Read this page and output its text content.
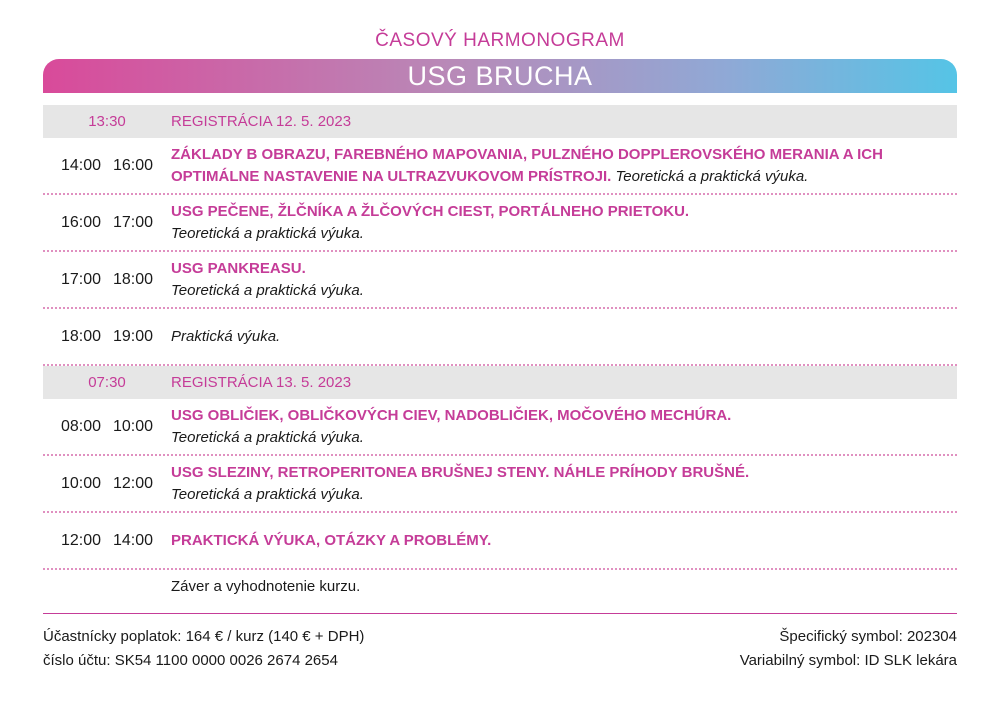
ČASOVÝ HARMONOGRAM
USG BRUCHA
13:30	REGISTRÁCIA 12. 5. 2023
14:00 16:00
ZÁKLADY B OBRAZU, FAREBNÉHO MAPOVANIA, PULZNÉHO DOPPLEROVSKÉHO MERANIA A ICH OPTIMÁLNE NASTAVENIE NA ULTRAZVUKOVOM PRÍSTROJI. Teoretická a praktická výuka.
16:00 17:00
USG PEČENE, ŽLČNÍKA A ŽLČOVÝCH CIEST, PORTÁLNEHO PRIETOKU.
Teoretická a praktická výuka.
17:00 18:00
USG PANKREASU.
Teoretická a praktická výuka.
18:00 19:00 Praktická výuka.
07:30	REGISTRÁCIA 13. 5. 2023
08:00 10:00
USG OBLIČIEK, OBLIČKOVÝCH CIEV, NADOBLIČIEK, MOČOVÉHO MECHÚRA.
Teoretická a praktická výuka.
10:00 12:00
USG SLEZINY, RETROPERITONEA BRUŠNEJ STENY. NÁHLE PRÍHODY BRUŠNÉ.
Teoretická a praktická výuka.
12:00 14:00 PRAKTICKÁ VÝUKA, OTÁZKY A PROBLÉMY.
Záver a vyhodnotenie kurzu.
Účastnícky poplatok: 164 € / kurz (140 € + DPH)
číslo účtu: SK54 1100 0000 0026 2674 2654
Špecifický symbol: 202304
Variabilný symbol: ID SLK lekára
